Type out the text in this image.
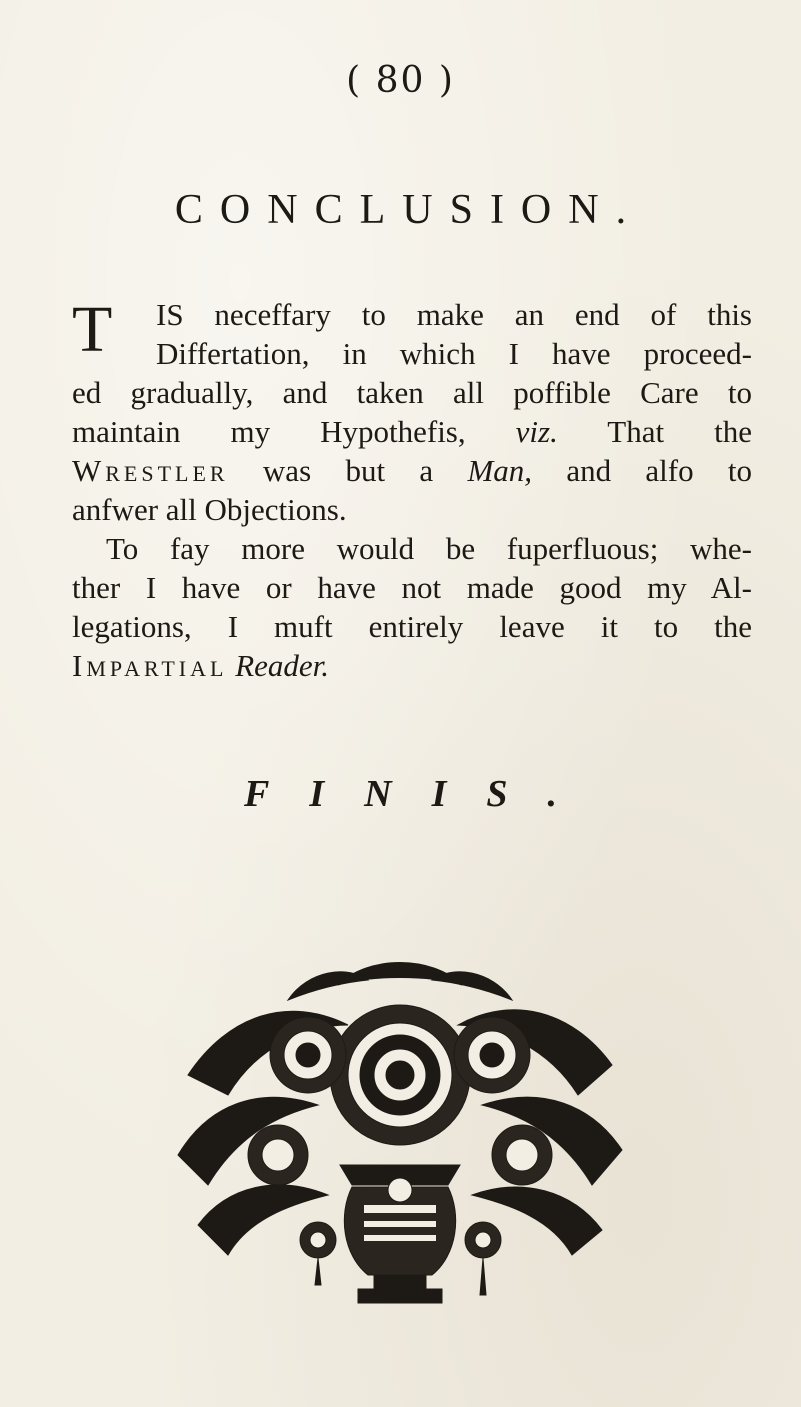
( 80 )
CONCLUSION.
T	IS neceffary to make an end of this
Differtation, in which I have proceed-
ed gradually, and taken all poffible Care to
maintain my Hypothefis, viz. That the
Wrestler was but a Man, and alfo to
anfwer all Objections.
To fay more would be fuperfluous; whe-
ther I have or have not made good my Al-
legations, I muft entirely leave it to the
Impartial Reader.
FINIS.
